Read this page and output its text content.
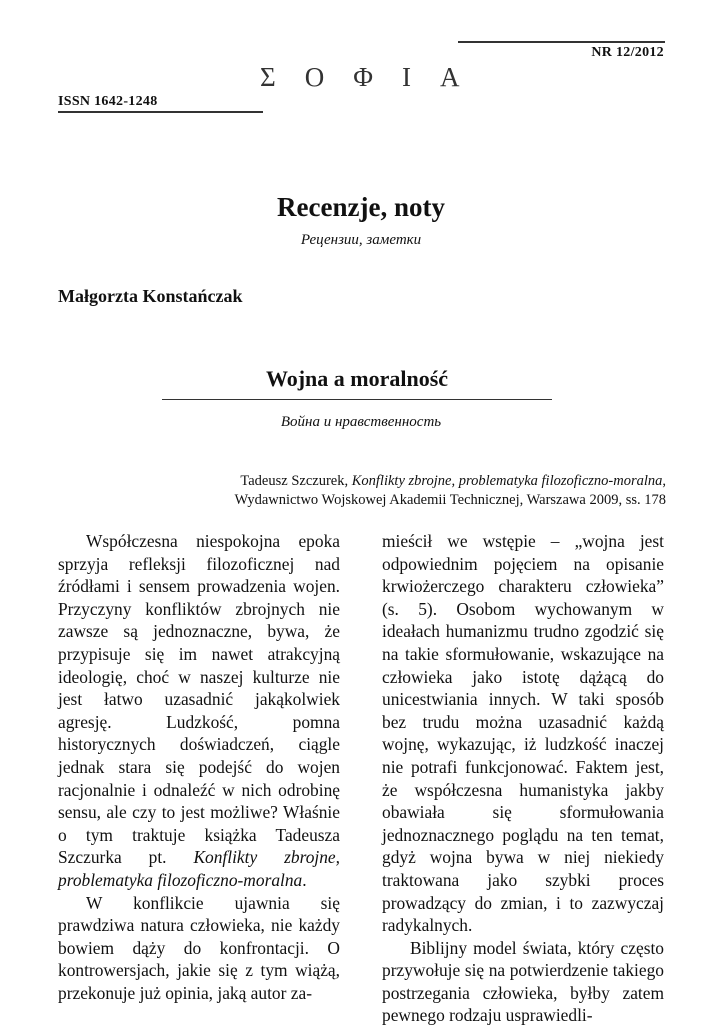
NR 12/2012
ΣΟΦΙΑ
ISSN 1642-1248
Recenzje, noty
Рецензии, заметки
Małgorzta Konstańczak
Wojna a moralność
Война и нравственность
Tadeusz Szczurek, Konflikty zbrojne, problematyka filozoficzno-moralna,
Wydawnictwo Wojskowej Akademii Technicznej, Warszawa 2009, ss. 178

Współczesna niespokojna epoka sprzyja refleksji filozoficznej nad źródłami i sensem prowadzenia wojen. Przyczyny konfliktów zbrojnych nie zawsze są jednoznaczne, bywa, że przypisuje się im nawet atrakcyjną ideologię, choć w naszej kulturze nie jest łatwo uzasadnić jakąkolwiek agresję. Ludzkość, pomna historycznych doświadczeń, ciągle jednak stara się podejść do wojen racjonalnie i odnaleźć w nich odrobinę sensu, ale czy to jest możliwe? Właśnie o tym traktuje książka Tadeusza Szczurka pt. Konflikty zbrojne, problematyka filozoficzno-moralna.

W konflikcie ujawnia się prawdziwa natura człowieka, nie każdy bowiem dąży do konfrontacji. O kontrowersjach, jakie się z tym wiążą, przekonuje już opinia, jaką autor za-

mieścił we wstępie – „wojna jest odpowiednim pojęciem na opisanie krwiożerczego charakteru człowieka” (s. 5). Osobom wychowanym w ideałach humanizmu trudno zgodzić się na takie sformułowanie, wskazujące na człowieka jako istotę dążącą do unicestwiania innych. W taki sposób bez trudu można uzasadnić każdą wojnę, wykazując, iż ludzkość inaczej nie potrafi funkcjonować. Faktem jest, że współczesna humanistyka jakby obawiała się sformułowania jednoznacznego poglądu na ten temat, gdyż wojna bywa w niej niekiedy traktowana jako szybki proces prowadzący do zmian, i to zazwyczaj radykalnych.

Biblijny model świata, który często przywołuje się na potwierdzenie takiego postrzegania człowieka, byłby zatem pewnego rodzaju usprawiedli-
